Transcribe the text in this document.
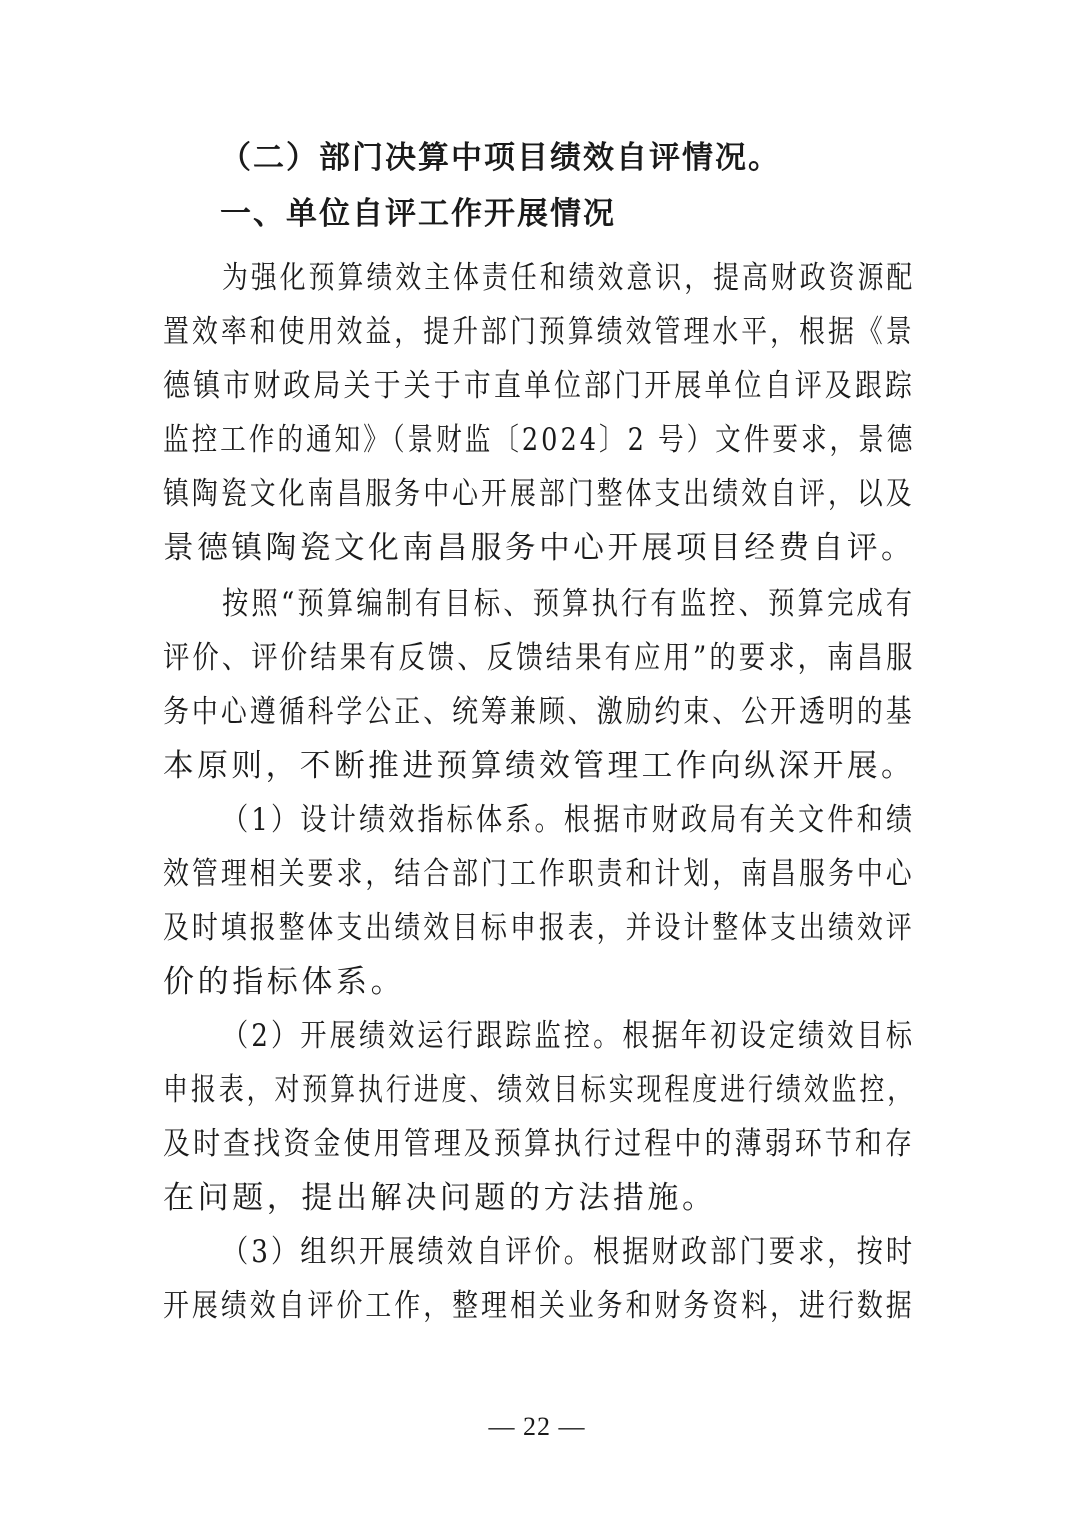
（二）部门决算中项目绩效自评情况。
一、单位自评工作开展情况
为强化预算绩效主体责任和绩效意识，提高财政资源配
置效率和使用效益，提升部门预算绩效管理水平，根据《景
德镇市财政局关于关于市直单位部门开展单位自评及跟踪
监控工作的通知》（景财监〔2024〕2 号）文件要求，景德
镇陶瓷文化南昌服务中心开展部门整体支出绩效自评，以及
景德镇陶瓷文化南昌服务中心开展项目经费自评。
按照“预算编制有目标、预算执行有监控、预算完成有
评价、评价结果有反馈、反馈结果有应用”的要求，南昌服
务中心遵循科学公正、统筹兼顾、激励约束、公开透明的基
本原则，不断推进预算绩效管理工作向纵深开展。
（1）设计绩效指标体系。根据市财政局有关文件和绩
效管理相关要求，结合部门工作职责和计划，南昌服务中心
及时填报整体支出绩效目标申报表，并设计整体支出绩效评
价的指标体系。
（2）开展绩效运行跟踪监控。根据年初设定绩效目标
申报表，对预算执行进度、绩效目标实现程度进行绩效监控，
及时查找资金使用管理及预算执行过程中的薄弱环节和存
在问题，提出解决问题的方法措施。
（3）组织开展绩效自评价。根据财政部门要求，按时
开展绩效自评价工作，整理相关业务和财务资料，进行数据
— 22 —
